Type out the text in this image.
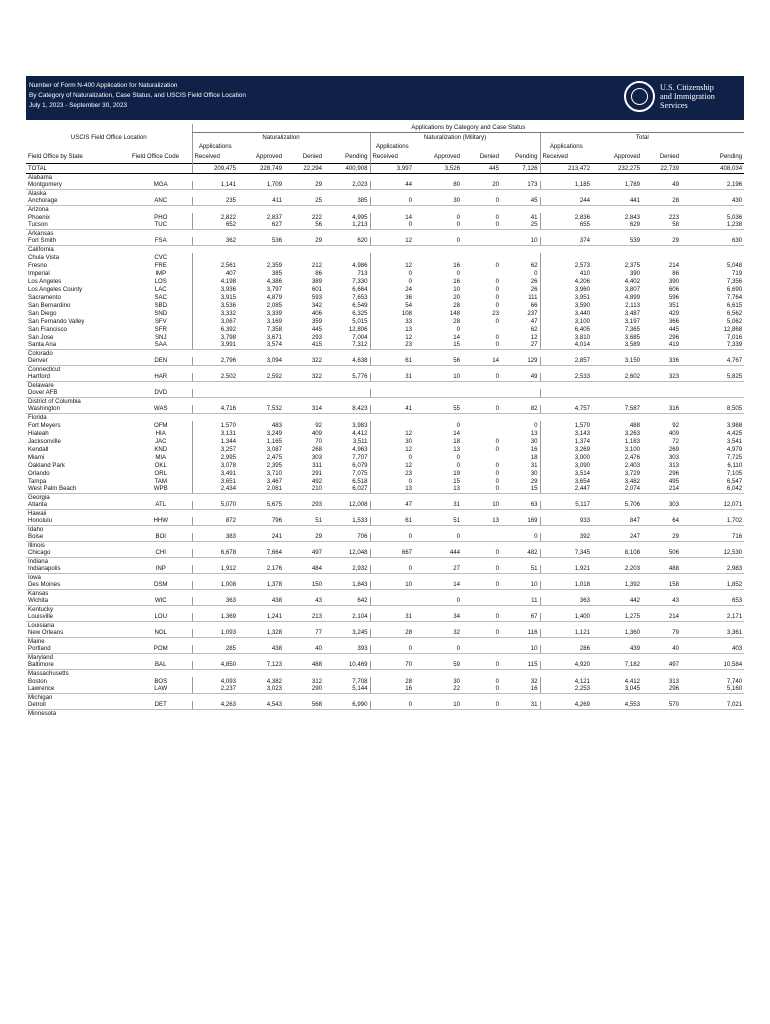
Number of Form N-400 Application for Naturalization
By Category of Naturalization, Case Status, and USCIS Field Office Location
July 1, 2023 - September 30, 2023
U.S. Citizenship
and Immigration
Services
		Applications by Category and Case Status											
USCIS Field Office Location		Naturalization				Naturalization (Military)				Total			
		Applications				Applications				Applications			
Field Office by State	Field Office Code	Received	Approved	Denied	Pending	Received	Approved	Denied	Pending	Received	Approved	Denied	Pending
TOTAL		209,475	228,749	22,294	400,908	3,997	3,526	445	7,126	213,472	232,275	22,739	408,034
Alabama													
Montgomery	MGA	1,141	1,709	29	2,023	44	80	20	173	1,185	1,789	49	2,196
Alaska													
Anchorage	ANC	235	411	25	385	0	30	0	45	244	441	28	430
Arizona													
Phoenix	PHO	2,822	2,837	222	4,995	14	0	0	41	2,836	2,843	223	5,036
Tucson	TUC	652	627	56	1,213	0	0	0	25	655	629	58	1,238
Arkansas													
Fort Smith	FSA	362	536	29	620	12	0		10	374	539	29	630
California													
Chula Vista	CVC												
Fresno	FRE	2,561	2,359	212	4,986	12	16	0	62	2,573	2,375	214	5,048
Imperial	IMP	407	385	86	713	0	0		0	410	390	86	719
Los Angeles	LOS	4,198	4,386	389	7,330	0	16	0	26	4,206	4,402	390	7,356
Los Angeles County	LAC	3,936	3,797	601	6,664	24	10	0	26	3,960	3,807	606	6,690
Sacramento	SAC	3,915	4,879	593	7,653	36	20	0	111	3,951	4,899	596	7,764
San Bernardino	SBD	3,536	2,085	342	6,549	54	28	0	66	3,590	2,113	351	6,615
San Diego	SND	3,332	3,339	406	6,325	108	148	23	237	3,440	3,487	429	6,562
San Fernando Valley	SFV	3,067	3,169	359	5,015	33	28	0	47	3,100	3,197	366	5,062
San Francisco	SFR	6,392	7,358	445	12,806	13	0		62	6,405	7,365	445	12,868
San Jose	SNJ	3,798	3,671	293	7,004	12	14	0	12	3,810	3,685	296	7,016
Santa Ana	SAA	3,991	3,574	415	7,312	23	15	0	27	4,014	3,589	419	7,339
Colorado													
Denver	DEN	2,796	3,094	322	4,638	61	56	14	129	2,857	3,150	336	4,767
Connecticut													
Hartford	HAR	2,502	2,592	322	5,776	31	10	0	49	2,533	2,602	323	5,825
Delaware													
Dover AFB	DVD												
District of Columbia													
Washington	WAS	4,716	7,532	314	8,423	41	55	0	82	4,757	7,587	316	8,505
Florida													
Fort Meyers	OFM	1,570	483	92	3,983		0		0	1,570	488	92	3,988
Hialeah	HIA	3,131	3,249	409	4,412	12	14		13	3,143	3,263	409	4,425
Jacksonville	JAC	1,344	1,165	70	3,511	30	18	0	30	1,374	1,183	72	3,541
Kendall	KND	3,257	3,087	268	4,963	12	13	0	16	3,269	3,100	269	4,979
Miami	MIA	2,995	2,475	303	7,707	0	0		18	3,000	2,476	303	7,725
Oakland Park	OKL	3,078	2,395	311	6,079	12	0	0	31	3,090	2,403	313	6,110
Orlando	ORL	3,491	3,710	291	7,075	23	19	0	30	3,514	3,729	296	7,105
Tampa	TAM	3,651	3,467	492	6,518	0	15	0	29	3,654	3,482	495	6,547
West Palm Beach	WPB	2,434	2,061	210	6,027	13	13	0	15	2,447	2,074	214	6,042
Georgia													
Atlanta	ATL	5,070	5,675	293	12,008	47	31	10	63	5,117	5,706	303	12,071
Hawaii													
Honolulu	HHW	872	796	51	1,533	61	51	13	169	933	847	64	1,702
Idaho													
Boise	BOI	383	241	29	706	0	0		0	392	247	29	716
Illinois													
Chicago	CHI	6,678	7,664	497	12,048	667	444	0	482	7,345	8,108	506	12,530
Indiana													
Indianapolis	INP	1,912	2,176	484	2,932	0	27	0	51	1,921	2,203	488	2,983
Iowa													
Des Moines	DSM	1,008	1,378	150	1,843	10	14	0	10	1,018	1,392	158	1,852
Kansas													
Wichita	WIC	363	438	43	642		0		11	363	442	43	653
Kentucky													
Louisville	LOU	1,369	1,241	213	2,104	31	34	0	67	1,400	1,275	214	2,171
Louisiana													
New Orleans	NOL	1,093	1,328	77	3,245	28	32	0	116	1,121	1,360	79	3,361
Maine													
Portland	POM	285	438	40	393	0	0		10	286	439	40	403
Maryland													
Baltimore	BAL	4,850	7,123	488	10,469	70	59	0	115	4,920	7,182	497	10,584
Massachusetts													
Boston	BOS	4,093	4,382	312	7,708	28	30	0	32	4,121	4,412	313	7,740
Lawrence	LAW	2,237	3,023	290	5,144	16	22	0	16	2,253	3,045	296	5,160
Michigan													
Detroit	DET	4,263	4,543	568	6,990	0	10	0	31	4,269	4,553	570	7,021
Minnesota													
